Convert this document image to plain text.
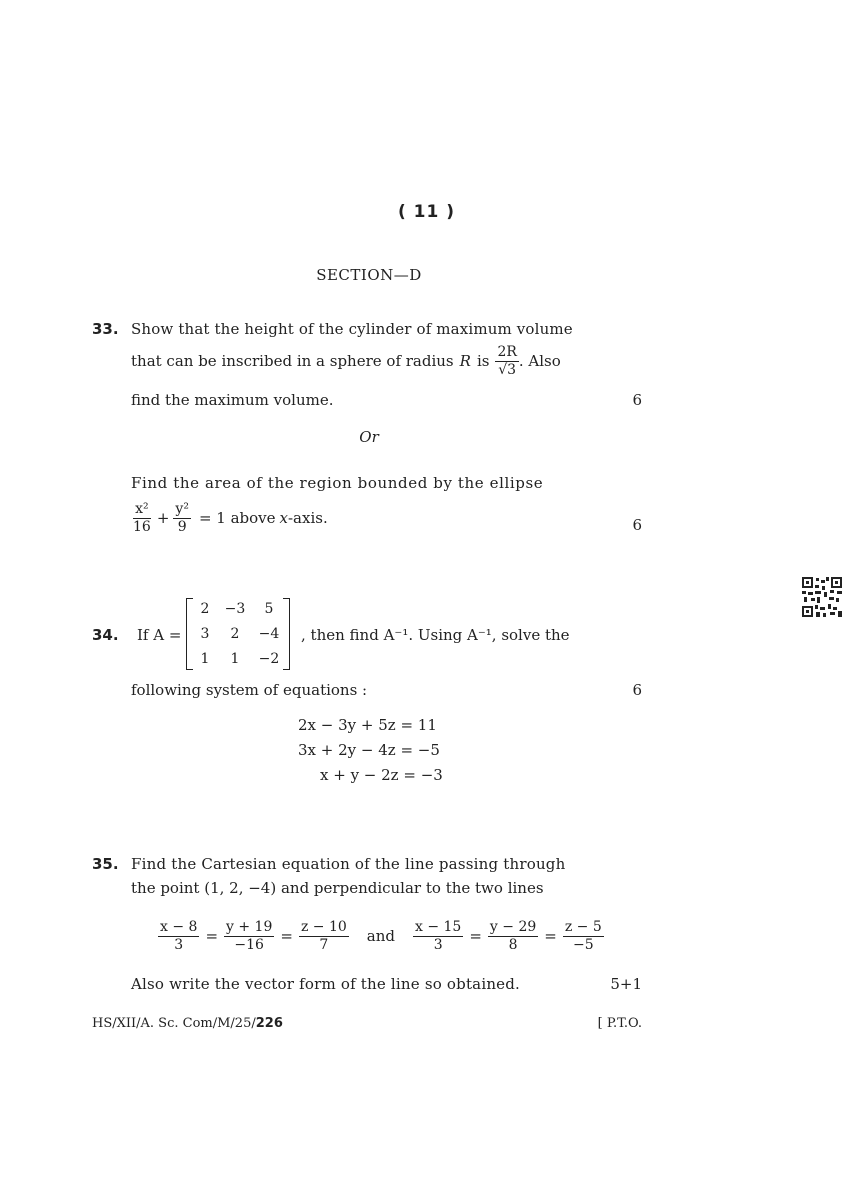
( 11 )
SECTION—D
33. Show that the height of the cylinder of maximum volume
that can be inscribed in a sphere of radius R is $\frac{2R}{√3}$ . Also
find the maximum volume.	6
Or
Find the area of the region bounded by the ellipse
$\frac{\text{x²}}{16} + \frac{\text{y²}}{9} = 1$ above x -axis.	6
34. If A =
2	−3	5
3	2	−4
1	1	−2
, then find A⁻¹. Using A⁻¹, solve the
following system of equations :	6
2x − 3y + 5z = 11
3x + 2y − 4z = −5
x + y − 2z = −3
35. Find the Cartesian equation of the line passing through
the point (1, 2, −4) and perpendicular to the two lines
$\frac{x - 8}{3} = \frac{y + 19}{-16} = \frac{z - 10}{7}$ and $\frac{x - 15}{3} = \frac{y - 29}{8} = \frac{z - 5}{-5}$
Also write the vector form of the line so obtained.	5+1
HS/XII/A. Sc. Com/M/25/226	[ P.T.O.
